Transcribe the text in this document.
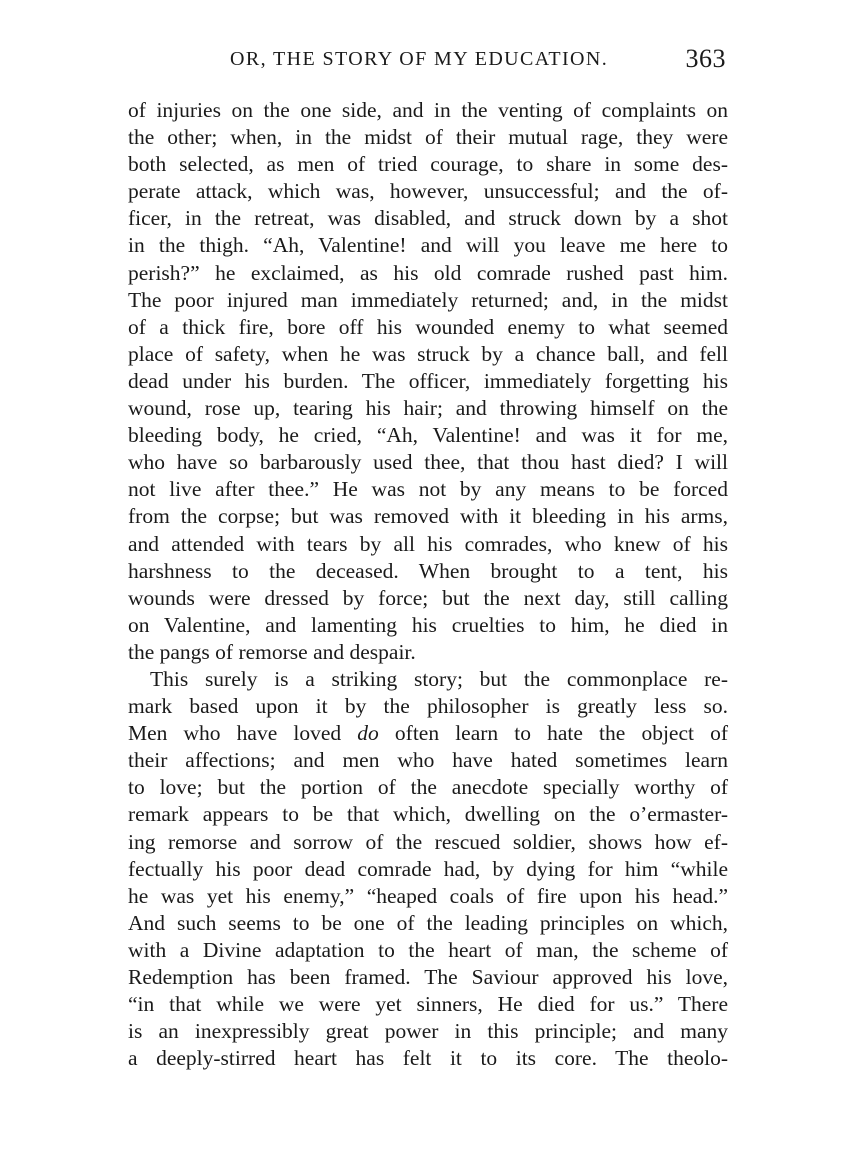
OR, THE STORY OF MY EDUCATION.	363
of injuries on the one side, and in the venting of complaints on
the other; when, in the midst of their mutual rage, they were
both selected, as men of tried courage, to share in some des-
perate attack, which was, however, unsuccessful; and the of-
ficer, in the retreat, was disabled, and struck down by a shot
in the thigh. “Ah, Valentine! and will you leave me here to
perish?” he exclaimed, as his old comrade rushed past him.
The poor injured man immediately returned; and, in the midst
of a thick fire, bore off his wounded enemy to what seemed
place of safety, when he was struck by a chance ball, and fell
dead under his burden. The officer, immediately forgetting his
wound, rose up, tearing his hair; and throwing himself on the
bleeding body, he cried, “Ah, Valentine! and was it for me,
who have so barbarously used thee, that thou hast died? I will
not live after thee.” He was not by any means to be forced
from the corpse; but was removed with it bleeding in his arms,
and attended with tears by all his comrades, who knew of his
harshness to the deceased. When brought to a tent, his
wounds were dressed by force; but the next day, still calling
on Valentine, and lamenting his cruelties to him, he died in
the pangs of remorse and despair.
This surely is a striking story; but the commonplace re-
mark based upon it by the philosopher is greatly less so.
Men who have loved do often learn to hate the object of
their affections; and men who have hated sometimes learn
to love; but the portion of the anecdote specially worthy of
remark appears to be that which, dwelling on the o’ermaster-
ing remorse and sorrow of the rescued soldier, shows how ef-
fectually his poor dead comrade had, by dying for him “while
he was yet his enemy,” “heaped coals of fire upon his head.”
And such seems to be one of the leading principles on which,
with a Divine adaptation to the heart of man, the scheme of
Redemption has been framed. The Saviour approved his love,
“in that while we were yet sinners, He died for us.” There
is an inexpressibly great power in this principle; and many
a deeply-stirred heart has felt it to its core. The theolo-
